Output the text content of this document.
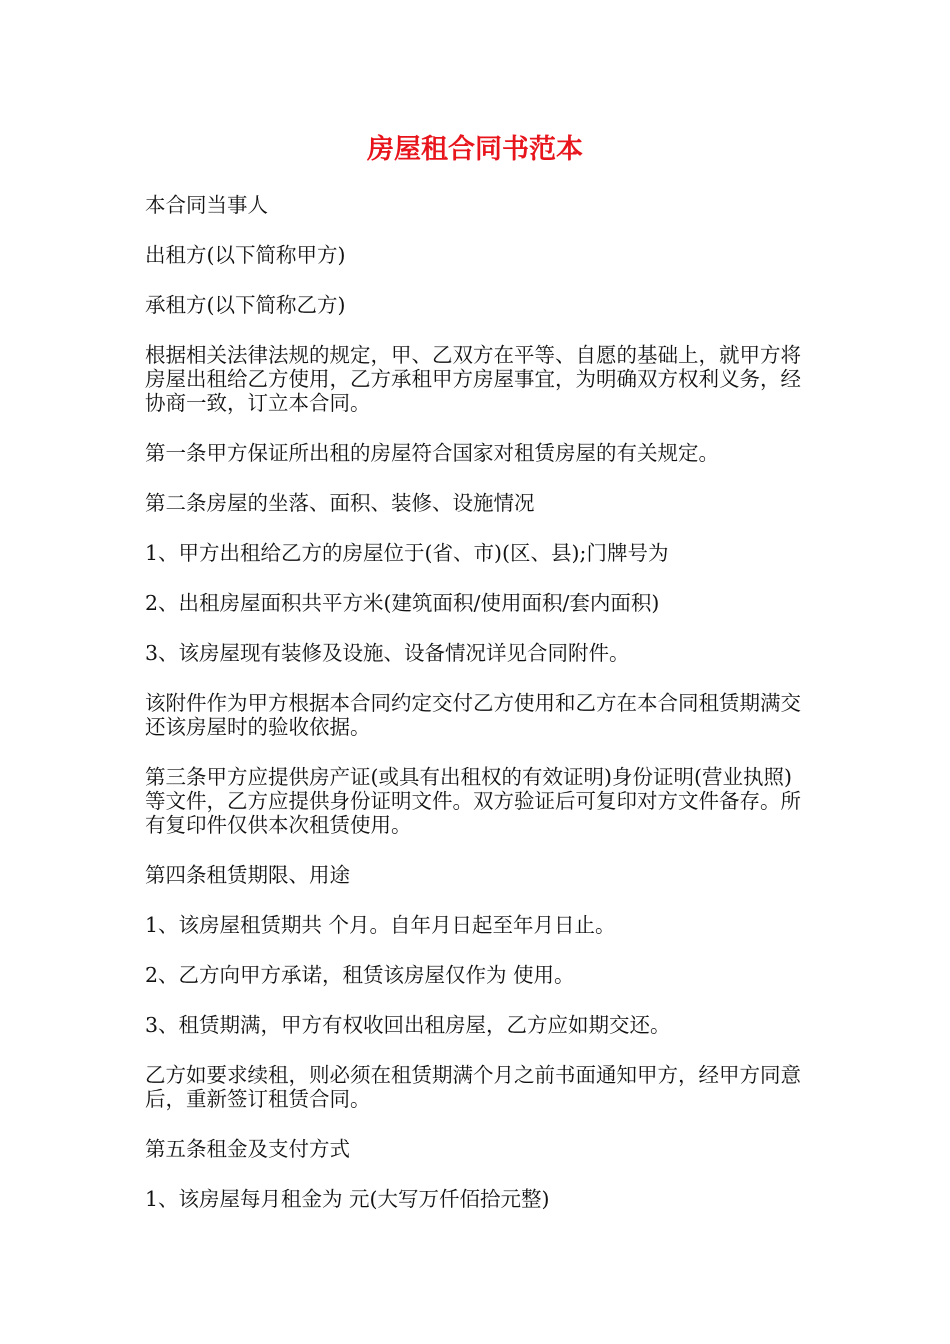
房屋租合同书范本

本合同当事人

出租方(以下简称甲方)

承租方(以下简称乙方)

根据相关法律法规的规定，甲、乙双方在平等、自愿的基础上，就甲方将房屋出租给乙方使用，乙方承租甲方房屋事宜，为明确双方权利义务，经协商一致，订立本合同。

第一条甲方保证所出租的房屋符合国家对租赁房屋的有关规定。

第二条房屋的坐落、面积、装修、设施情况

1、甲方出租给乙方的房屋位于(省、市)(区、县);门牌号为

2、出租房屋面积共平方米(建筑面积/使用面积/套内面积)

3、该房屋现有装修及设施、设备情况详见合同附件。

该附件作为甲方根据本合同约定交付乙方使用和乙方在本合同租赁期满交还该房屋时的验收依据。

第三条甲方应提供房产证(或具有出租权的有效证明)身份证明(营业执照)等文件，乙方应提供身份证明文件。双方验证后可复印对方文件备存。所有复印件仅供本次租赁使用。

第四条租赁期限、用途

1、该房屋租赁期共 个月。自年月日起至年月日止。

2、乙方向甲方承诺，租赁该房屋仅作为 使用。

3、租赁期满，甲方有权收回出租房屋，乙方应如期交还。

乙方如要求续租，则必须在租赁期满个月之前书面通知甲方，经甲方同意后，重新签订租赁合同。

第五条租金及支付方式

1、该房屋每月租金为 元(大写万仟佰拾元整)
